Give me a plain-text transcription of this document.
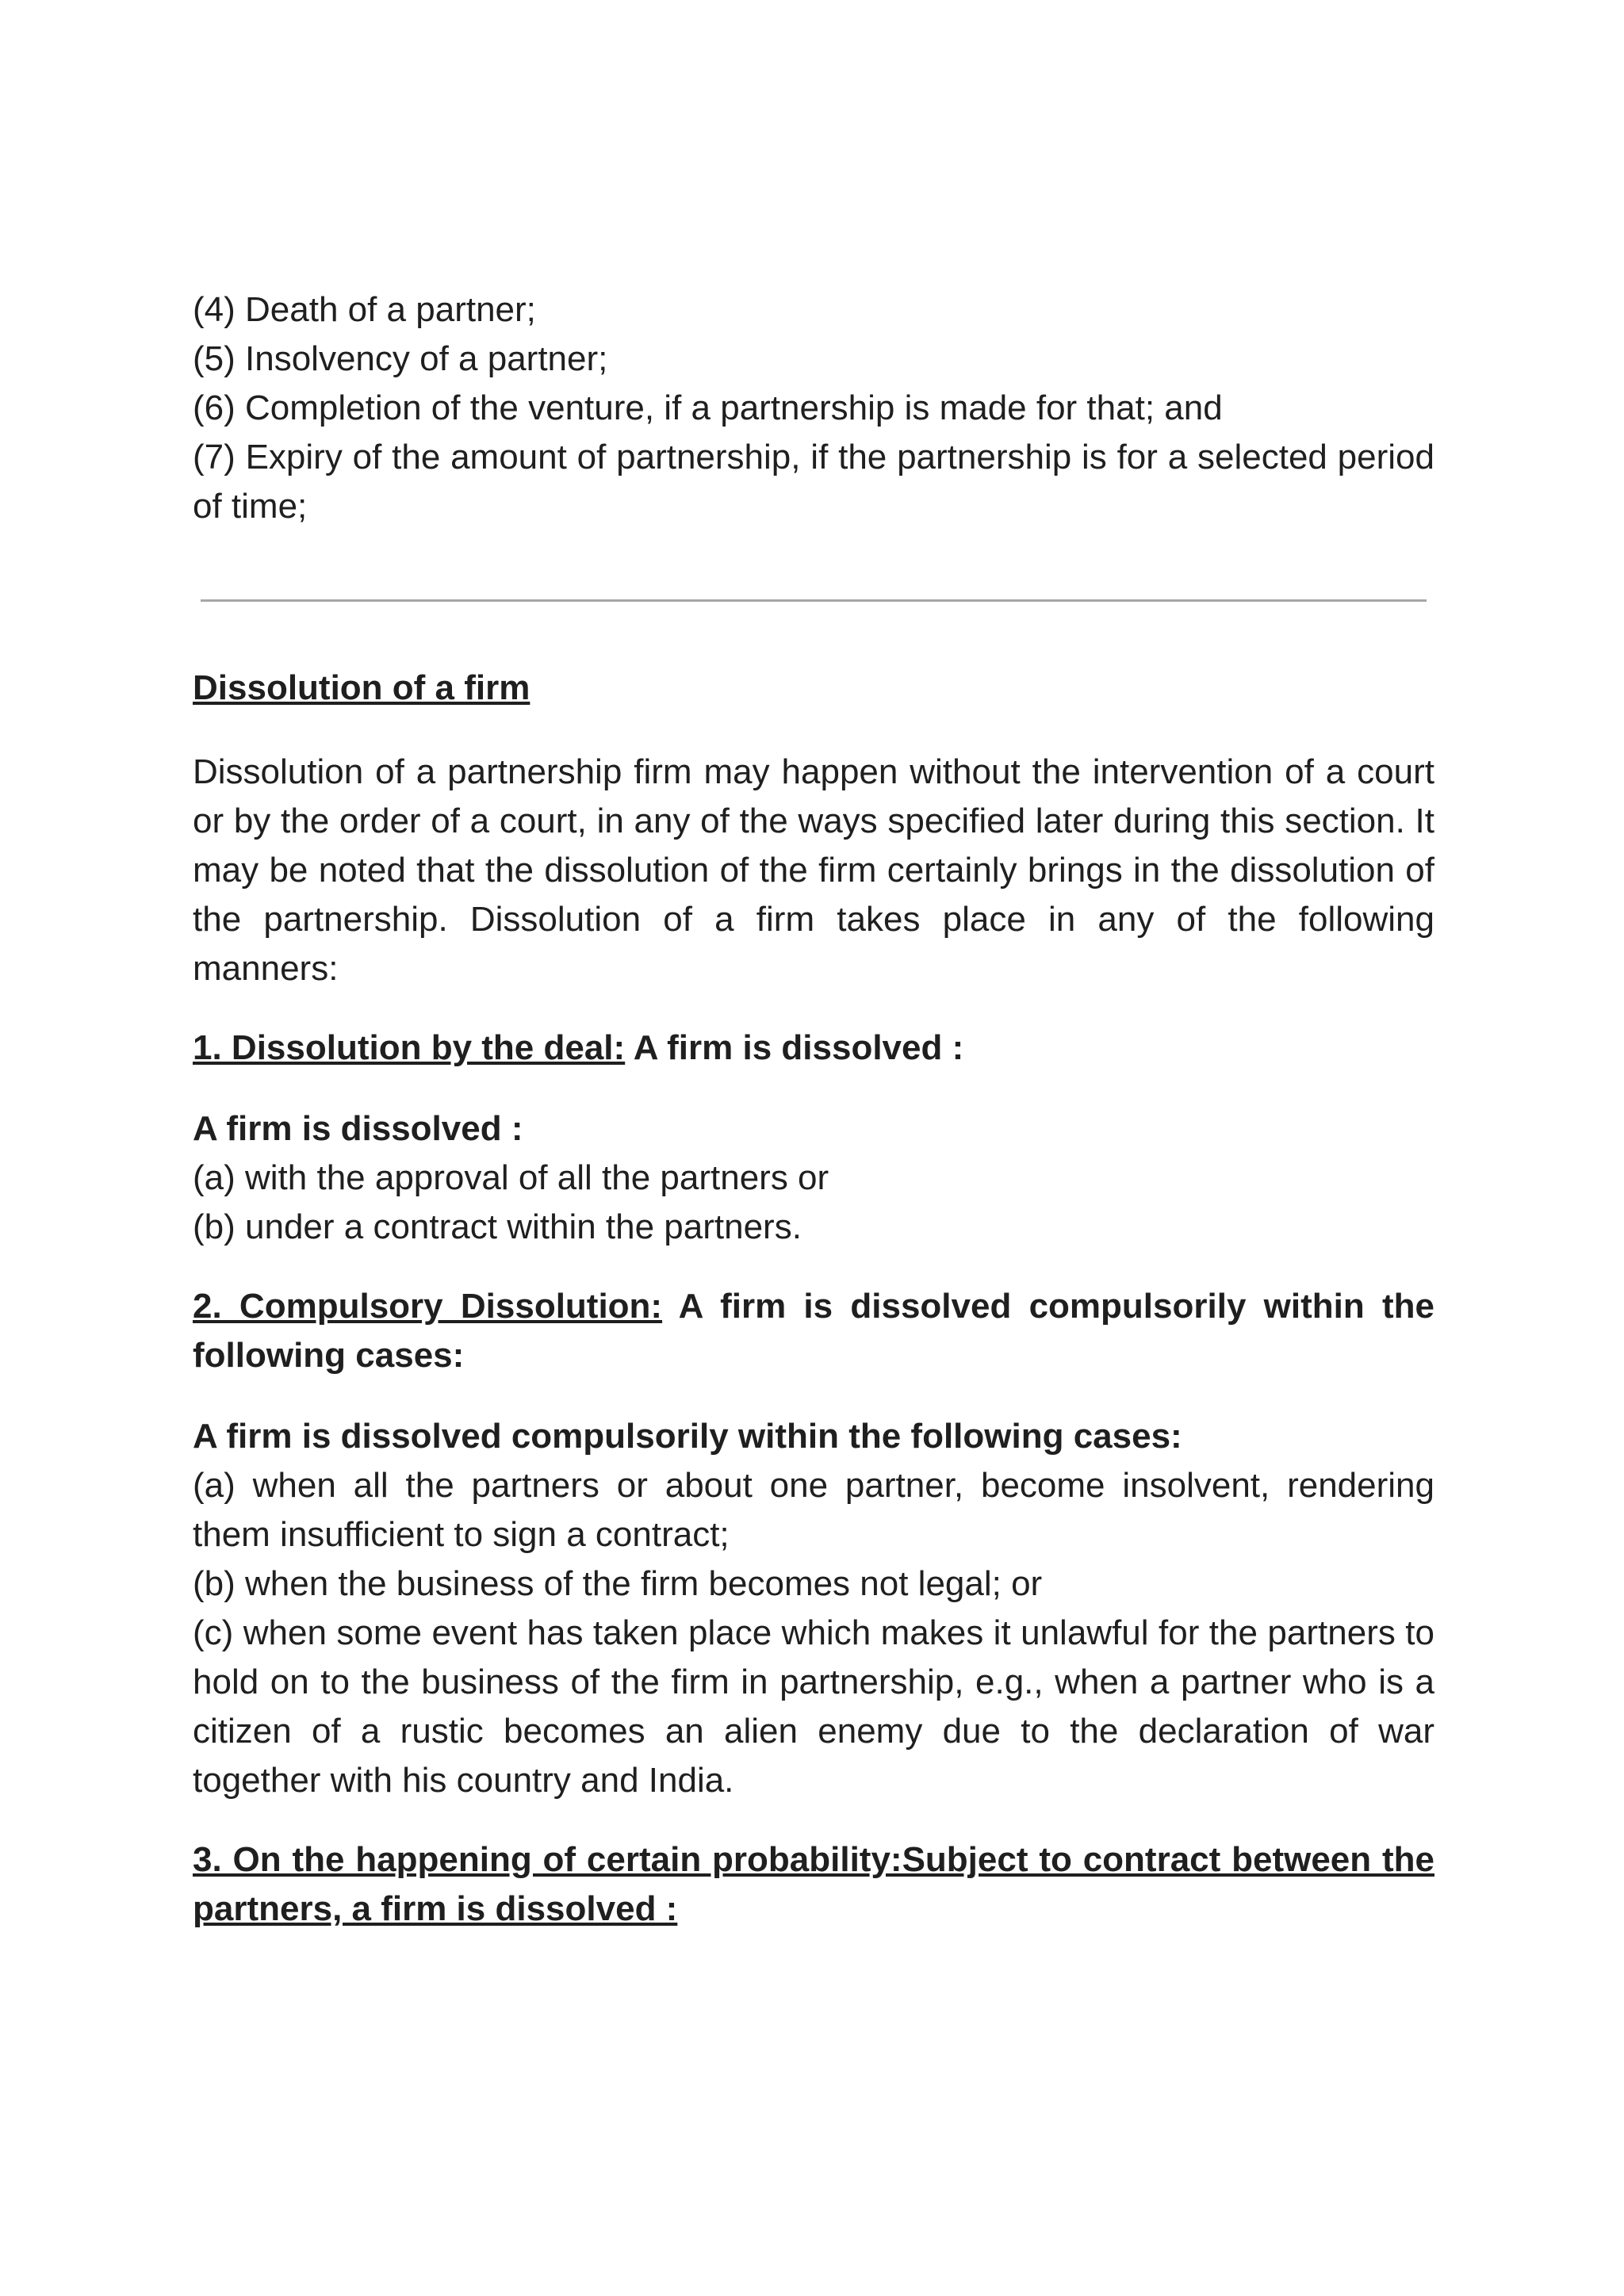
(4) Death of a partner;

(5) Insolvency of a partner;

(6) Completion of the venture, if a partnership is made for that; and

(7) Expiry of the amount of partnership, if the partnership is for a selected period of time;

Dissolution of a firm

Dissolution of a partnership firm may happen without the intervention of a court or by the order of a court, in any of the ways specified later during this section. It may be noted that the dissolution of the firm certainly brings in the dissolution of the partnership. Dissolution of a firm takes place in any of the following manners:

1. Dissolution by the deal: A firm is dissolved :

A firm is dissolved :

(a) with the approval of all the partners or

(b) under a contract within the partners.

2. Compulsory Dissolution: A firm is dissolved compulsorily within the following cases:

A firm is dissolved compulsorily within the following cases:

(a) when all the partners or about one partner, become insolvent, rendering them insufficient to sign a contract;

(b) when the business of the firm becomes not legal; or

(c) when some event has taken place which makes it unlawful for the partners to hold on to the business of the firm in partnership, e.g., when a partner who is a citizen of a rustic becomes an alien enemy due to the declaration of war together with his country and India.

3. On the happening of certain probability:Subject to contract between the partners, a firm is dissolved :
